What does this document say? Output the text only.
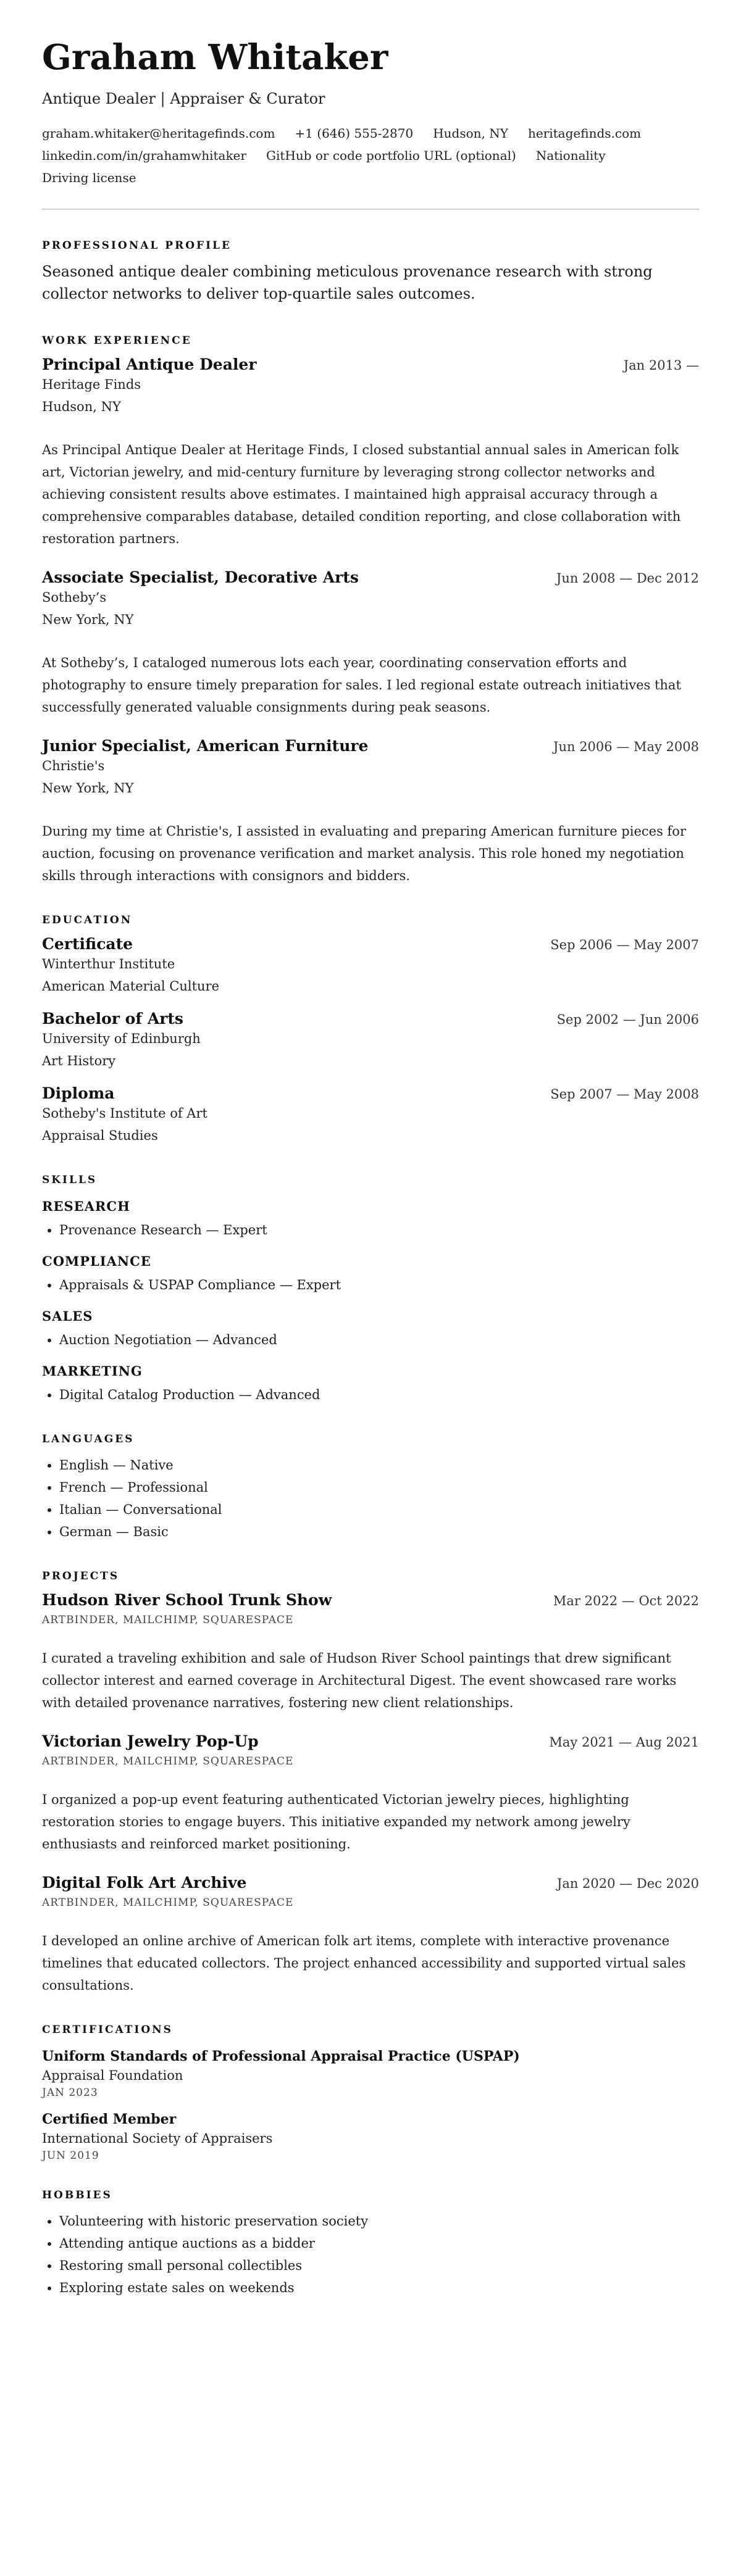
Graham Whitaker
Antique Dealer | Appraiser & Curator
graham.whitaker@heritagefinds.com +1 (646) 555-2870 Hudson, NY heritagefinds.com
linkedin.com/in/grahamwhitaker GitHub or code portfolio URL (optional) Nationality
Driving license
PROFESSIONAL PROFILE

Seasoned antique dealer combining meticulous provenance research with strong collector networks to deliver top-quartile sales outcomes.

WORK EXPERIENCE
Principal Antique Dealer	Jan 2013 —
Heritage Finds
Hudson, NY

As Principal Antique Dealer at Heritage Finds, I closed substantial annual sales in American folk art, Victorian jewelry, and mid-century furniture by leveraging strong collector networks and achieving consistent results above estimates. I maintained high appraisal accuracy through a comprehensive comparables database, detailed condition reporting, and close collaboration with restoration partners.

Associate Specialist, Decorative Arts	Jun 2008 — Dec 2012
Sotheby’s
New York, NY

At Sotheby’s, I cataloged numerous lots each year, coordinating conservation efforts and photography to ensure timely preparation for sales. I led regional estate outreach initiatives that successfully generated valuable consignments during peak seasons.

Junior Specialist, American Furniture	Jun 2006 — May 2008
Christie's
New York, NY

During my time at Christie's, I assisted in evaluating and preparing American furniture pieces for auction, focusing on provenance verification and market analysis. This role honed my negotiation skills through interactions with consignors and bidders.

EDUCATION
Certificate	Sep 2006 — May 2007
Winterthur Institute
American Material Culture
Bachelor of Arts	Sep 2002 — Jun 2006
University of Edinburgh
Art History
Diploma	Sep 2007 — May 2008
Sotheby's Institute of Art
Appraisal Studies
SKILLS
RESEARCH
• Provenance Research — Expert
COMPLIANCE
• Appraisals & USPAP Compliance — Expert
SALES
• Auction Negotiation — Advanced
MARKETING
• Digital Catalog Production — Advanced
LANGUAGES
• English — Native
• French — Professional
• Italian — Conversational
• German — Basic
PROJECTS
Hudson River School Trunk Show	Mar 2022 — Oct 2022
ARTBINDER, MAILCHIMP, SQUARESPACE

I curated a traveling exhibition and sale of Hudson River School paintings that drew significant collector interest and earned coverage in Architectural Digest. The event showcased rare works with detailed provenance narratives, fostering new client relationships.

Victorian Jewelry Pop-Up	May 2021 — Aug 2021
ARTBINDER, MAILCHIMP, SQUARESPACE

I organized a pop-up event featuring authenticated Victorian jewelry pieces, highlighting restoration stories to engage buyers. This initiative expanded my network among jewelry enthusiasts and reinforced market positioning.

Digital Folk Art Archive	Jan 2020 — Dec 2020
ARTBINDER, MAILCHIMP, SQUARESPACE

I developed an online archive of American folk art items, complete with interactive provenance timelines that educated collectors. The project enhanced accessibility and supported virtual sales consultations.

CERTIFICATIONS
Uniform Standards of Professional Appraisal Practice (USPAP)
Appraisal Foundation
JAN 2023
Certified Member
International Society of Appraisers
JUN 2019
HOBBIES
• Volunteering with historic preservation society
• Attending antique auctions as a bidder
• Restoring small personal collectibles
• Exploring estate sales on weekends
